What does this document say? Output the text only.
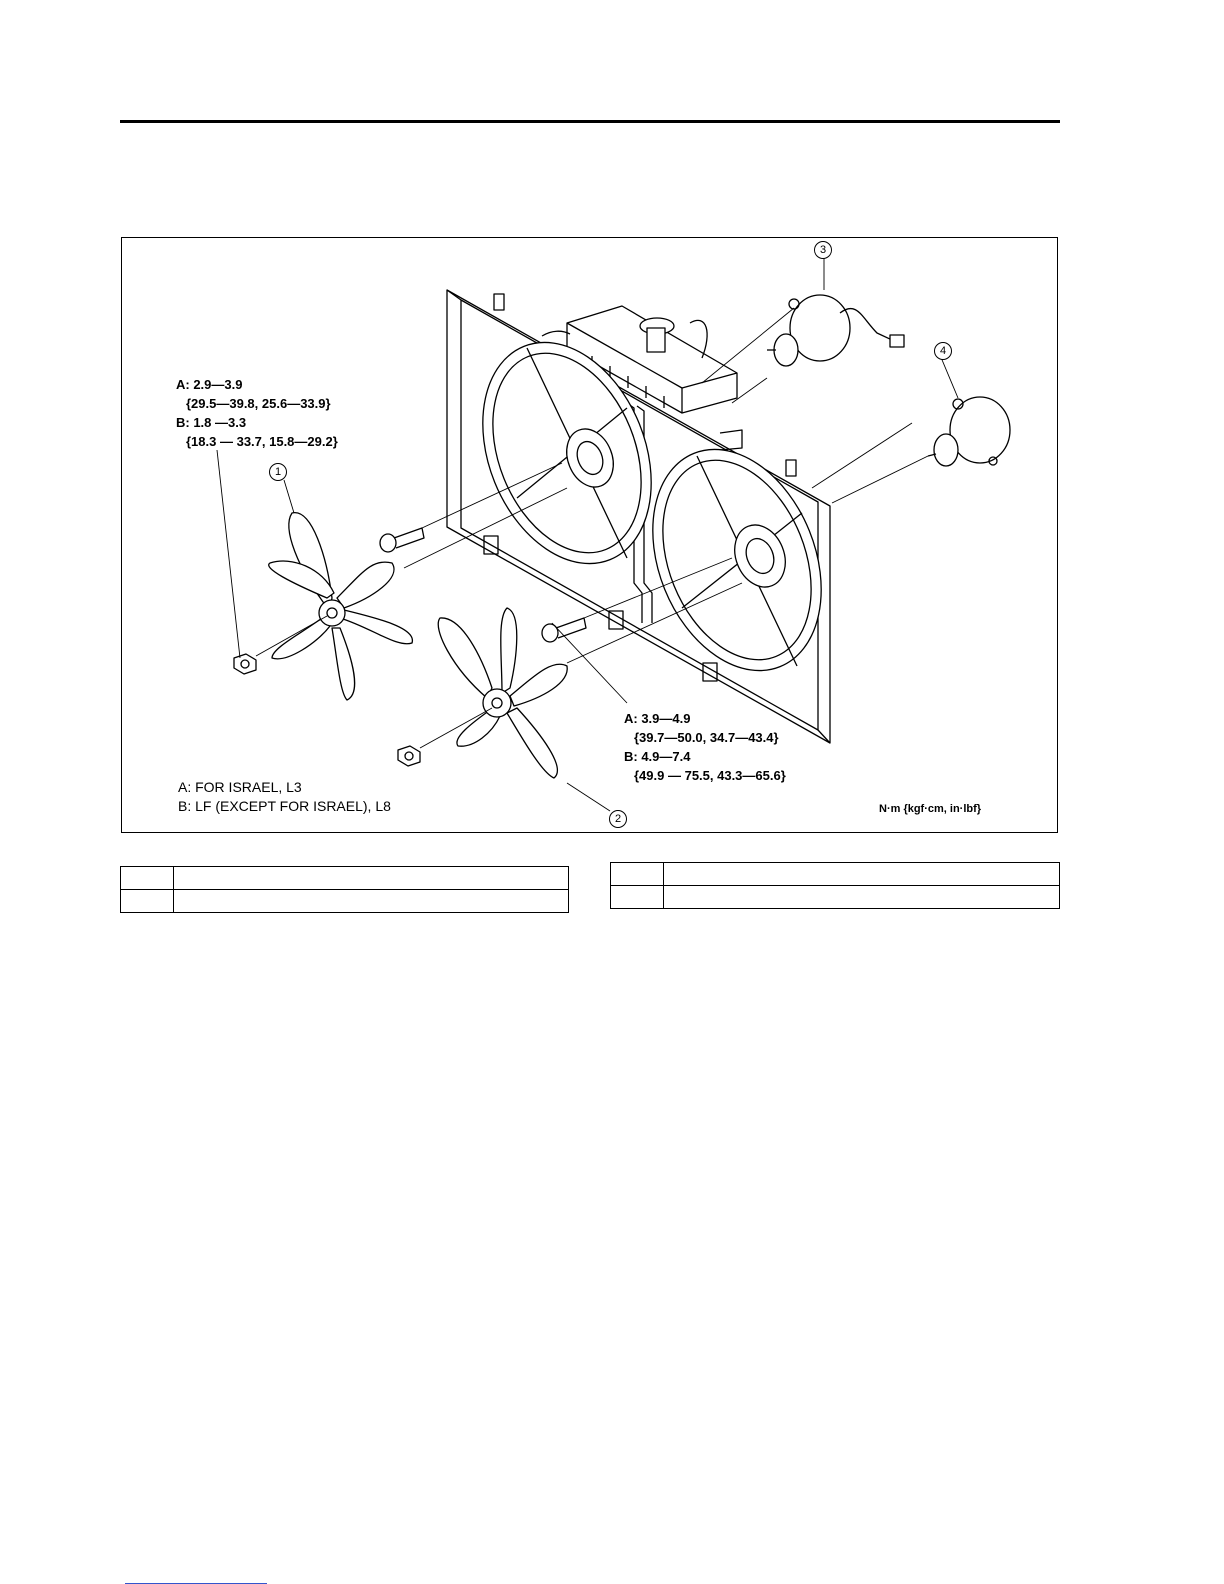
1
2
3
4
A: 2.9—3.9
{29.5—39.8, 25.6—33.9}
B: 1.8 —3.3
{18.3 — 33.7, 15.8—29.2}
A: 3.9—4.9
{39.7—50.0, 34.7—43.4}
B: 4.9—7.4
{49.9 — 75.5, 43.3—65.6}
A: FOR ISRAEL, L3
B: LF (EXCEPT FOR ISRAEL), L8	N·m {kgf·cm, in·lbf}
